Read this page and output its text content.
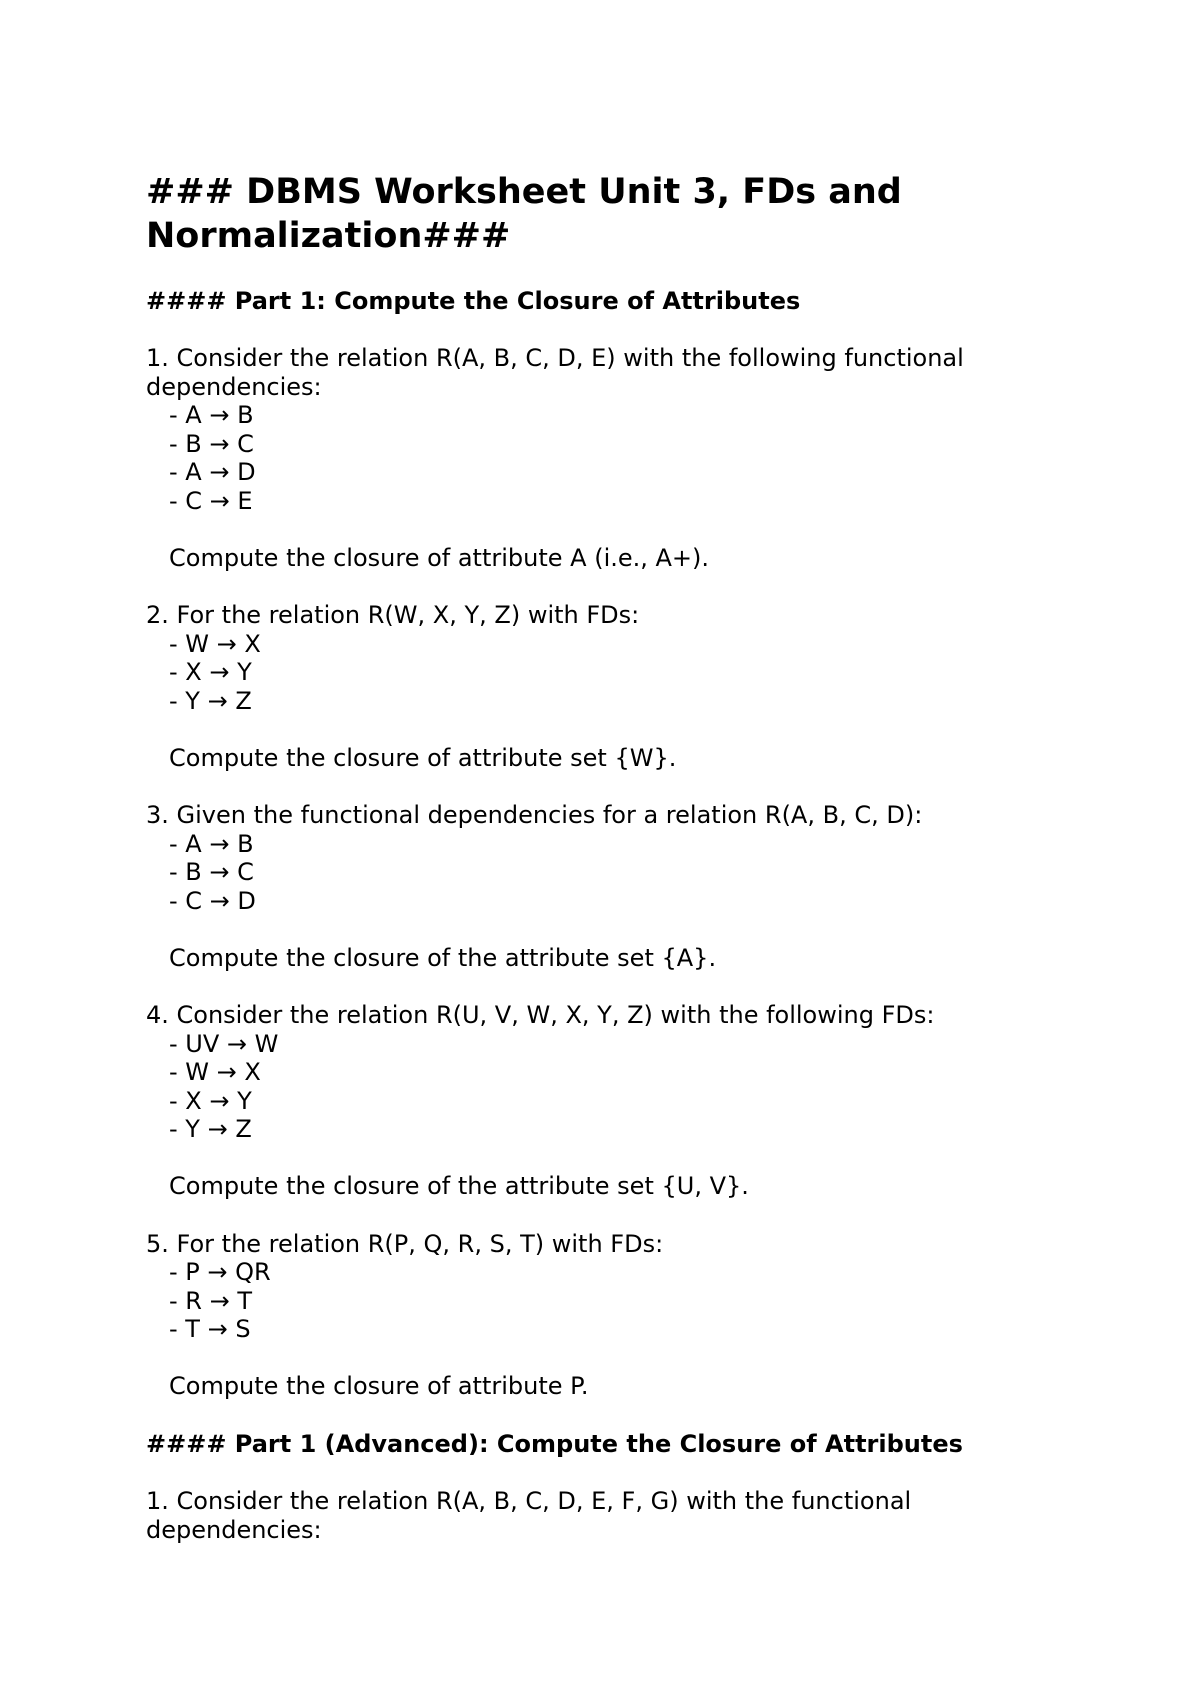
### DBMS Worksheet Unit 3, FDs and Normalization###
#### Part 1: Compute the Closure of Attributes

1. Consider the relation R(A, B, C, D, E) with the following functional

dependencies:

- A → B

- B → C

- A → D

- C → E

Compute the closure of attribute A (i.e., A+).

2. For the relation R(W, X, Y, Z) with FDs:

- W → X

- X → Y

- Y → Z

Compute the closure of attribute set {W}.

3. Given the functional dependencies for a relation R(A, B, C, D):

- A → B

- B → C

- C → D

Compute the closure of the attribute set {A}.

4. Consider the relation R(U, V, W, X, Y, Z) with the following FDs:

- UV → W

- W → X

- X → Y

- Y → Z

Compute the closure of the attribute set {U, V}.

5. For the relation R(P, Q, R, S, T) with FDs:

- P → QR

- R → T

- T → S

Compute the closure of attribute P.

#### Part 1 (Advanced): Compute the Closure of Attributes

1. Consider the relation R(A, B, C, D, E, F, G) with the functional

dependencies:
